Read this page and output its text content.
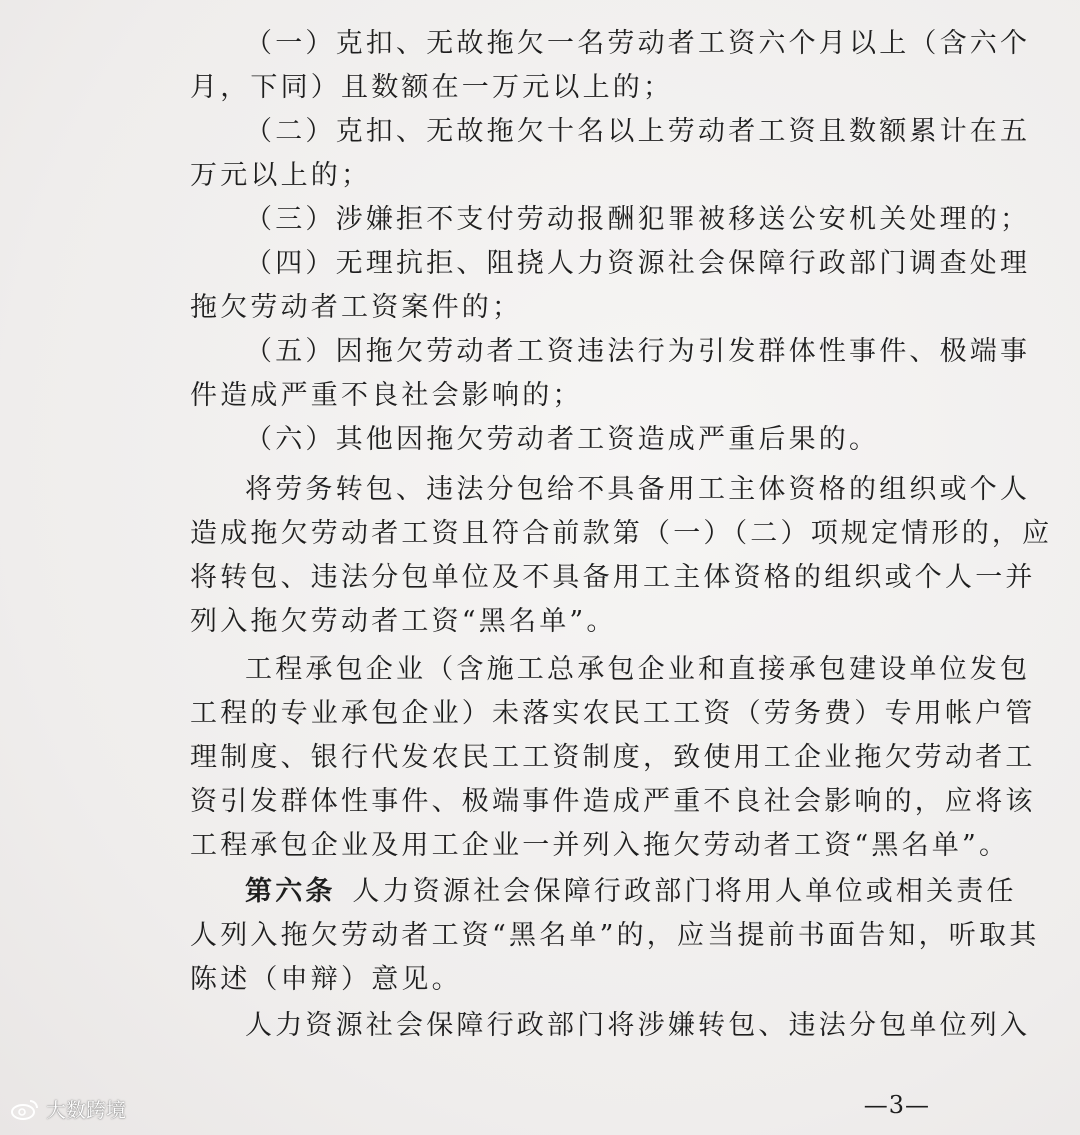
（一）克扣、无故拖欠一名劳动者工资六个月以上（含六个
月，下同）且数额在一万元以上的；
（二）克扣、无故拖欠十名以上劳动者工资且数额累计在五
万元以上的；
（三）涉嫌拒不支付劳动报酬犯罪被移送公安机关处理的；
（四）无理抗拒、阻挠人力资源社会保障行政部门调查处理
拖欠劳动者工资案件的；
（五）因拖欠劳动者工资违法行为引发群体性事件、极端事
件造成严重不良社会影响的；
（六）其他因拖欠劳动者工资造成严重后果的。
将劳务转包、违法分包给不具备用工主体资格的组织或个人
造成拖欠劳动者工资且符合前款第（一）（二）项规定情形的，应
将转包、违法分包单位及不具备用工主体资格的组织或个人一并
列入拖欠劳动者工资“黑名单”。
工程承包企业（含施工总承包企业和直接承包建设单位发包
工程的专业承包企业）未落实农民工工资（劳务费）专用帐户管
理制度、银行代发农民工工资制度，致使用工企业拖欠劳动者工
资引发群体性事件、极端事件造成严重不良社会影响的，应将该
工程承包企业及用工企业一并列入拖欠劳动者工资“黑名单”。
第六条  人力资源社会保障行政部门将用人单位或相关责任
人列入拖欠劳动者工资“黑名单”的，应当提前书面告知，听取其
陈述（申辩）意见。
人力资源社会保障行政部门将涉嫌转包、违法分包单位列入
—3—
大数跨境
